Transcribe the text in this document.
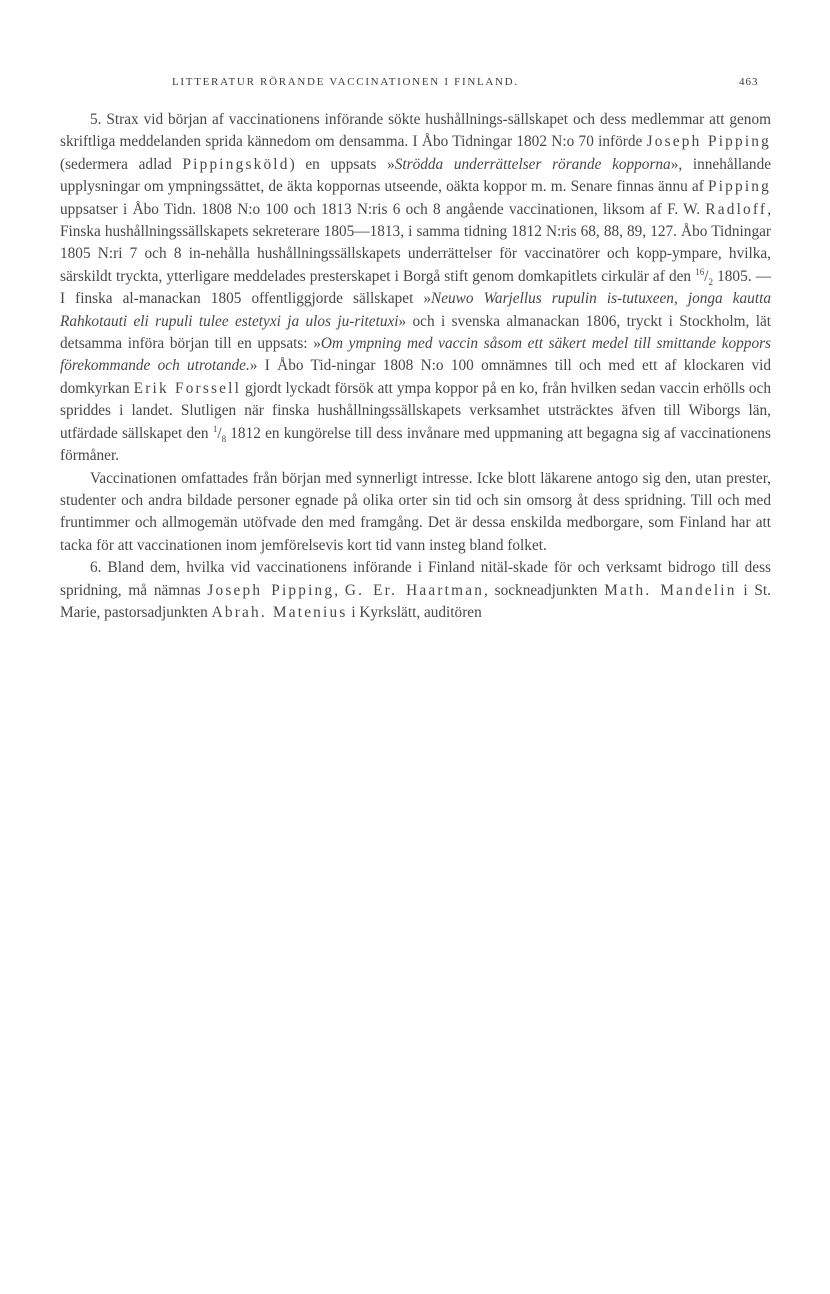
LITTERATUR RÖRANDE VACCINATIONEN I FINLAND.	463

5. Strax vid början af vaccinationens införande sökte hushållnings-sällskapet och dess medlemmar att genom skriftliga meddelanden sprida kännedom om densamma. I Åbo Tidningar 1802 N:o 70 införde Joseph Pipping (sedermera adlad Pippingsköld) en uppsats »Strödda underrättelser rörande kopporna», innehållande upplysningar om ympningssättet, de äkta koppornas utseende, oäkta koppor m. m. Senare finnas ännu af Pipping uppsatser i Åbo Tidn. 1808 N:o 100 och 1813 N:ris 6 och 8 angående vaccinationen, liksom af F. W. Radloff, Finska hushållningssällskapets sekreterare 1805—1813, i samma tidning 1812 N:ris 68, 88, 89, 127. Åbo Tidningar 1805 N:ri 7 och 8 in-nehålla hushållningssällskapets underrättelser för vaccinatörer och kopp-ympare, hvilka, särskildt tryckta, ytterligare meddelades presterskapet i Borgå stift genom domkapitlets cirkulär af den $^{16}/_2$ 1805. — I finska al-manackan 1805 offentliggjorde sällskapet »Neuwo Warjellus rupulin is-tutuxeen, jonga kautta Rahkotauti eli rupuli tulee estetyxi ja ulos ju-ritetuxi» och i svenska almanackan 1806, tryckt i Stockholm, lät detsamma införa början till en uppsats: »Om ympning med vaccin såsom ett säkert medel till smittande koppors förekommande och utrotande.» I Åbo Tid-ningar 1808 N:o 100 omnämnes till och med ett af klockaren vid domkyrkan Erik Forssell gjordt lyckadt försök att ympa koppor på en ko, från hvilken sedan vaccin erhölls och spriddes i landet. Slutligen när finska hushållningssällskapets verksamhet utsträcktes äfven till Wiborgs län, utfärdade sällskapet den $^1/_8$ 1812 en kungörelse till dess invånare med uppmaning att begagna sig af vaccinationens förmåner.

Vaccinationen omfattades från början med synnerligt intresse. Icke blott läkarene antogo sig den, utan prester, studenter och andra bildade personer egnade på olika orter sin tid och sin omsorg åt dess spridning. Till och med fruntimmer och allmogemän utöfvade den med framgång. Det är dessa enskilda medborgare, som Finland har att tacka för att vaccinationen inom jemförelsevis kort tid vann insteg bland folket.

6. Bland dem, hvilka vid vaccinationens införande i Finland nitäl-skade för och verksamt bidrogo till dess spridning, må nämnas Joseph Pipping, G. Er. Haartman, sockneadjunkten Math. Mandelin i St. Marie, pastorsadjunkten Abrah. Matenius i Kyrkslätt, auditören
